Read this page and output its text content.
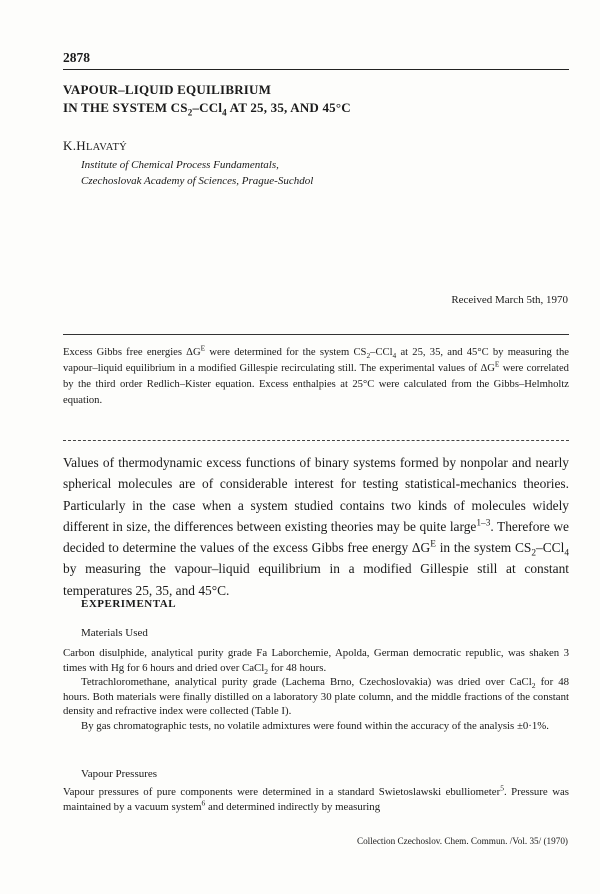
2878
VAPOUR–LIQUID EQUILIBRIUM
IN THE SYSTEM $CS_2-CCl_4$ AT 25, 35, AND 45°C
K.HLAVATÝ
Institute of Chemical Process Fundamentals,
Czechoslovak Academy of Sciences, Prague-Suchdol
Received March 5th, 1970
Excess Gibbs free energies $\Delta G^E$ were determined for the system $CS_2-CCl_4$ at 25, 35, and 45°C by measuring the vapour–liquid equilibrium in a modified Gillespie recirculating still. The experimental values of $\Delta G^E$ were correlated by the third order Redlich–Kister equation. Excess enthalpies at 25°C were calculated from the Gibbs–Helmholtz equation.
Values of thermodynamic excess functions of binary systems formed by nonpolar and nearly spherical molecules are of considerable interest for testing statistical-mechanics theories. Particularly in the case when a system studied contains two kinds of molecules widely different in size, the differences between existing theories may be quite large$^{1-3}$. Therefore we decided to determine the values of the excess Gibbs free energy $\Delta G^E$ in the system $CS_2-CCl_4$ by measuring the vapour–liquid equilibrium in a modified Gillespie still at constant temperatures 25, 35, and 45°C.
EXPERIMENTAL
Materials Used

Carbon disulphide, analytical purity grade Fa Laborchemie, Apolda, German democratic republic, was shaken 3 times with Hg for 6 hours and dried over CaCl$_2$ for 48 hours.

Tetrachloromethane, analytical purity grade (Lachema Brno, Czechoslovakia) was dried over CaCl$_2$ for 48 hours. Both materials were finally distilled on a laboratory 30 plate column, and the middle fractions of the constant density and refractive index were collected (Table I).

By gas chromatographic tests, no volatile admixtures were found within the accuracy of the analysis ±0·1%.

Vapour Pressures
Vapour pressures of pure components were determined in a standard Swietoslawski ebulliometer$^5$. Pressure was maintained by a vacuum system$^6$ and determined indirectly by measuring
Collection Czechoslov. Chem. Commun. /Vol. 35/ (1970)
